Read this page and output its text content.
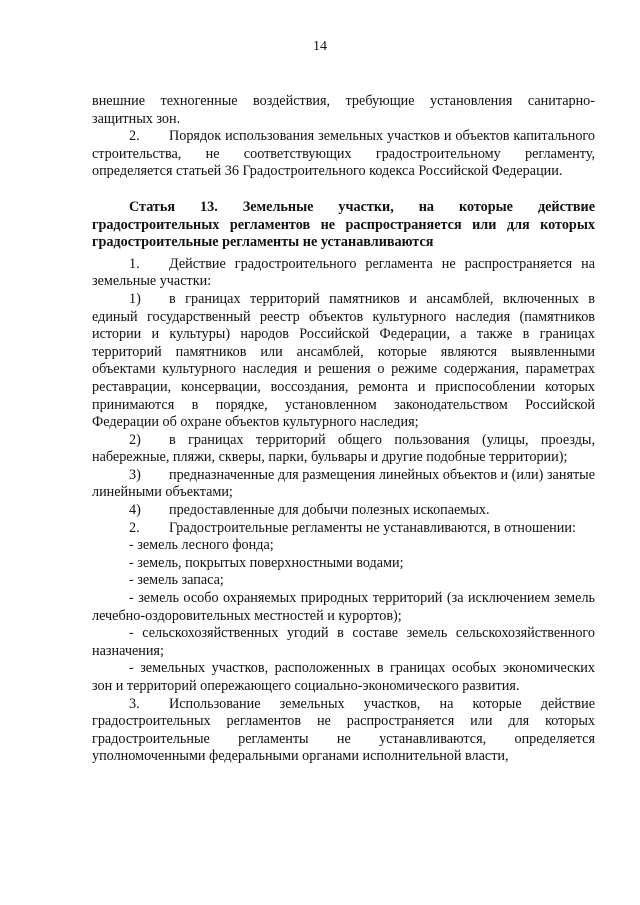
14

внешние техногенные воздействия, требующие установления санитарно-защитных зон.

2. Порядок использования земельных участков и объектов капитального строительства, не соответствующих градостроительному регламенту, определяется статьей 36 Градостроительного кодекса Российской Федерации.

Статья 13. Земельные участки, на которые действие градостроительных регламентов не распространяется или для которых градостроительные регламенты не устанавливаются

1. Действие градостроительного регламента не распространяется на земельные участки:

1) в границах территорий памятников и ансамблей, включенных в единый государственный реестр объектов культурного наследия (памятников истории и культуры) народов Российской Федерации, а также в границах территорий памятников или ансамблей, которые являются выявленными объектами культурного наследия и решения о режиме содержания, параметрах реставрации, консервации, воссоздания, ремонта и приспособлении которых принимаются в порядке, установленном законодательством Российской Федерации об охране объектов культурного наследия;

2) в границах территорий общего пользования (улицы, проезды, набережные, пляжи, скверы, парки, бульвары и другие подобные территории);

3) предназначенные для размещения линейных объектов и (или) занятые линейными объектами;

4) предоставленные для добычи полезных ископаемых.

2. Градостроительные регламенты не устанавливаются, в отношении:

- земель лесного фонда;

- земель, покрытых поверхностными водами;

- земель запаса;

- земель особо охраняемых природных территорий (за исключением земель лечебно-оздоровительных местностей и курортов);

- сельскохозяйственных угодий в составе земель сельскохозяйственного назначения;

- земельных участков, расположенных в границах особых экономических зон и территорий опережающего социально-экономического развития.

3. Использование земельных участков, на которые действие градостроительных регламентов не распространяется или для которых градостроительные регламенты не устанавливаются, определяется уполномоченными федеральными органами исполнительной власти,
